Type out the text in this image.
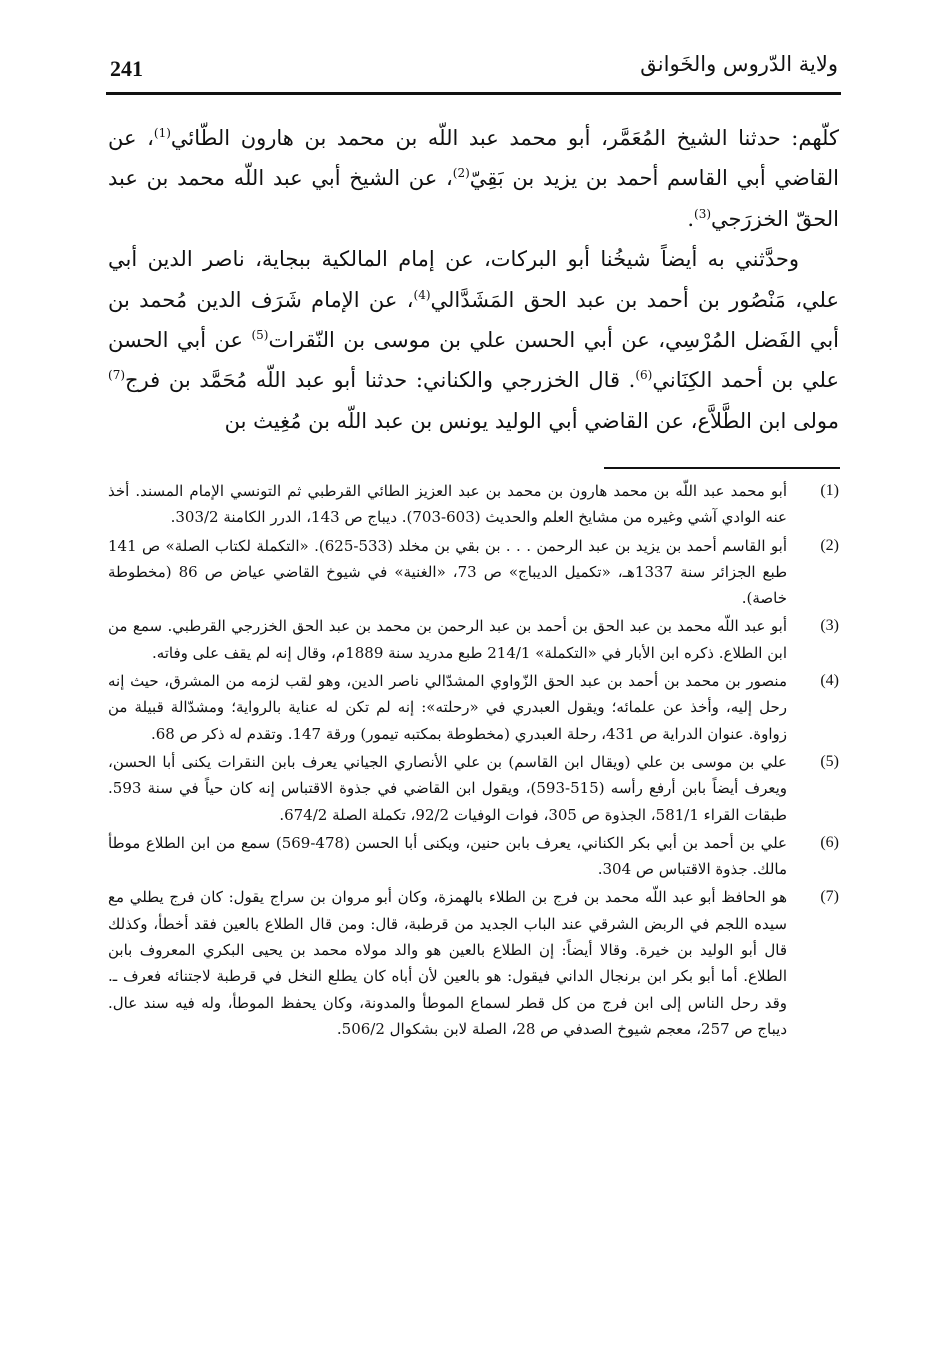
241	ولاية الدّروس والخَوانق

كلّهم: حدثنا الشيخ المُعَمَّر، أبو محمد عبد اللّه بن محمد بن هارون الطّائي$^{(1)}$، عن القاضي أبي القاسم أحمد بن يزيد بن بَقِيّ$^{(2)}$، عن الشيخ أبي عبد اللّه محمد بن عبد الحقّ الخزرَجي$^{(3)}$.

وحدَّثني به أيضاً شيخُنا أبو البركات، عن إمام المالكية ببجاية، ناصر الدين أبي علي، مَنْصُور بن أحمد بن عبد الحق المَشَدَّالي$^{(4)}$، عن الإمام شَرَف الدين مُحمد بن أبي الفَضل المُرْسِي، عن أبي الحسن علي بن موسى بن النّقرات$^{(5)}$ عن أبي الحسن علي بن أحمد الكِنَاني$^{(6)}$. قال الخزرجي والكناني: حدثنا أبو عبد اللّه مُحَمَّد بن فرج$^{(7)}$ مولى ابن الطَّلاَّع، عن القاضي أبي الوليد يونس بن عبد اللّه بن مُغِيث بن

(1)
أبو محمد عبد اللّه بن محمد هارون بن محمد بن عبد العزيز الطائي القرطبي ثم التونسي الإمام المسند. أخذ عنه الوادي آشي وغيره من مشايخ العلم والحديث (603-703). ديباج ص 143، الدرر الكامنة 303/2.
(2)
أبو القاسم أحمد بن يزيد بن عبد الرحمن . . . بن بقي بن مخلد (533-625). «التكملة لكتاب الصلة» ص 141 طبع الجزائر سنة 1337هـ، «تكميل الديباج» ص 73، «الغنية» في شيوخ القاضي عياض ص 86 (مخطوطة خاصة).
(3)
أبو عبد اللّه محمد بن عبد الحق بن أحمد بن عبد الرحمن بن محمد بن عبد الحق الخزرجي القرطبي. سمع من ابن الطلاع. ذكره ابن الأبار في «التكملة» 214/1 طبع مدريد سنة 1889م، وقال إنه لم يقف على وفاته.
(4)
منصور بن محمد بن أحمد بن عبد الحق الزّواوي المشدّالي ناصر الدين، وهو لقب لزمه من المشرق، حيث إنه رحل إليه، وأخذ عن علمائه؛ ويقول العبدري في «رحلته»: إنه لم تكن له عناية بالرواية؛ ومشدّالة قبيلة من زواوة. عنوان الدراية ص 431، رحلة العبدري (مخطوطة بمكتبه تيمور) ورقة 147. وتقدم له ذكر ص 68.
(5)
علي بن موسى بن علي (ويقال ابن القاسم) بن علي الأنصاري الجياني يعرف بابن النقرات يكنى أبا الحسن، ويعرف أيضاً بابن أرفع رأسه (515-593)، ويقول ابن القاضي في جذوة الاقتباس إنه كان حياً في سنة 593. طبقات القراء 581/1، الجذوة ص 305، فوات الوفيات 92/2، تكملة الصلة 674/2.
(6)
علي بن أحمد بن أبي بكر الكناني، يعرف بابن حنين، ويكنى أبا الحسن (478-569) سمع من ابن الطلاع موطأ مالك. جذوة الاقتباس ص 304.
(7)
هو الحافظ أبو عبد اللّه محمد بن فرج بن الطلاء بالهمزة، وكان أبو مروان بن سراج يقول: كان فرج يطلي مع سيده اللجم في الربض الشرقي عند الباب الجديد من قرطبة، قال: ومن قال الطلاع بالعين فقد أخطأ، وكذلك قال أبو الوليد بن خيرة. وقالا أيضاً: إن الطلاع بالعين هو والد مولاه محمد بن يحيى البكري المعروف بابن الطلاع. أما أبو بكر ابن برنجال الداني فيقول: هو بالعين لأن أباه كان يطلع النخل في قرطبة لاجتنائه فعرف ـ. وقد رحل الناس إلى ابن فرج من كل قطر لسماع الموطأ والمدونة، وكان يحفظ الموطأ، وله فيه سند عال. ديباج ص 257، معجم شيوخ الصدفي ص 28، الصلة لابن بشكوال 506/2.
